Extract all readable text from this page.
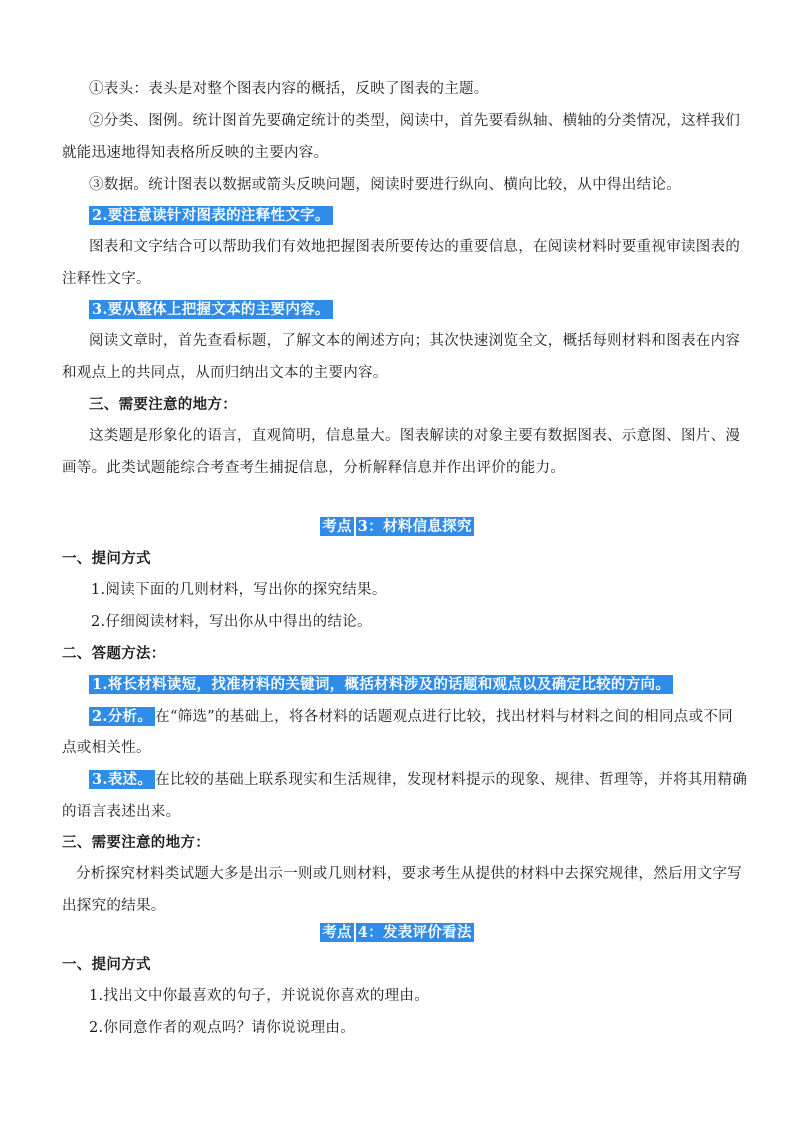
①表头：表头是对整个图表内容的概括，反映了图表的主题。
②分类、图例。统计图首先要确定统计的类型，阅读中，首先要看纵轴、横轴的分类情况，这样我们
就能迅速地得知表格所反映的主要内容。
③数据。统计图表以数据或箭头反映问题，阅读时要进行纵向、横向比较，从中得出结论。
2.要注意读针对图表的注释性文字。
图表和文字结合可以帮助我们有效地把握图表所要传达的重要信息，在阅读材料时要重视审读图表的
注释性文字。
3.要从整体上把握文本的主要内容。
阅读文章时，首先查看标题，了解文本的阐述方向；其次快速浏览全文，概括每则材料和图表在内容
和观点上的共同点，从而归纳出文本的主要内容。
三、需要注意的地方：
这类题是形象化的语言，直观简明，信息量大。图表解读的对象主要有数据图表、示意图、图片、漫
画等。此类试题能综合考查考生捕捉信息，分析解释信息并作出评价的能力。
考点 3：材料信息探究
一、提问方式
1.阅读下面的几则材料，写出你的探究结果。
2.仔细阅读材料，写出你从中得出的结论。
二、答题方法：
1.将长材料读短，找准材料的关键词，概括材料涉及的话题和观点以及确定比较的方向。
2.分析。 在“筛选”的基础上，将各材料的话题观点进行比较，找出材料与材料之间的相同点或不同
点或相关性。
3.表述。 在比较的基础上联系现实和生活规律，发现材料提示的现象、规律、哲理等，并将其用精确
的语言表述出来。
三、需要注意的地方：
分析探究材料类试题大多是出示一则或几则材料，要求考生从提供的材料中去探究规律，然后用文字写
出探究的结果。
考点 4：发表评价看法
一、提问方式
1.找出文中你最喜欢的句子，并说说你喜欢的理由。
2.你同意作者的观点吗？请你说说理由。
